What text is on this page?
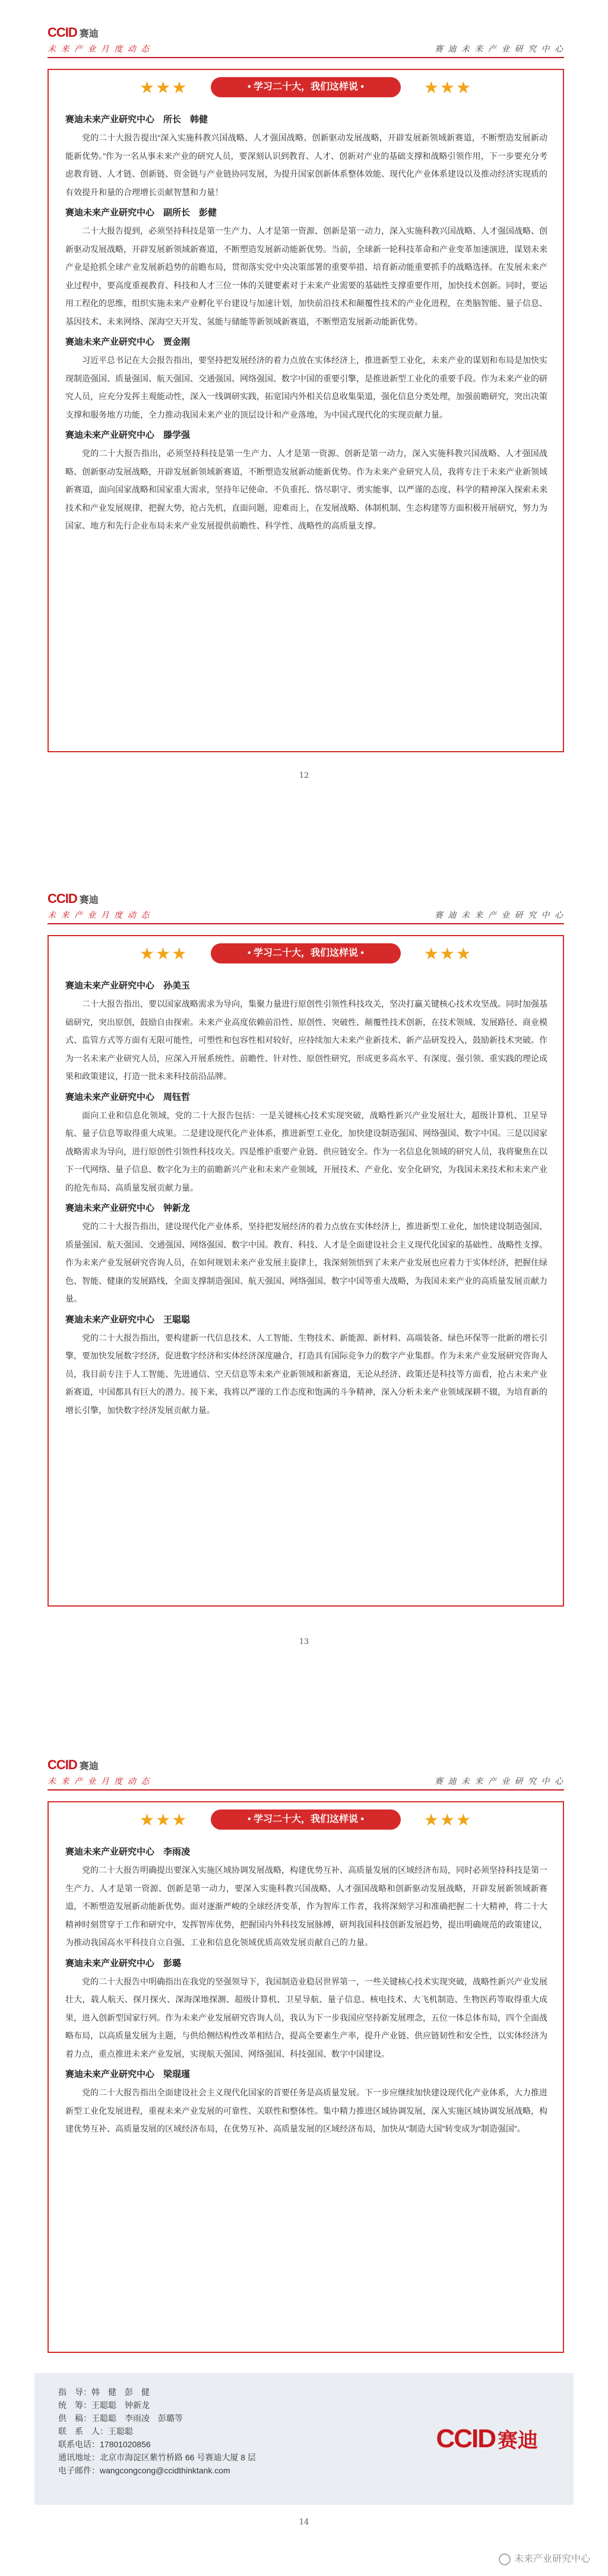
CCID 赛迪
未 来 产 业 月 度 动 态	赛 迪 未 来 产 业 研 究 中 心
★★★	• 学习二十大，我们这样说 •	★★★
赛迪未来产业研究中心　所长　韩健

党的二十大报告提出“深入实施科教兴国战略、人才强国战略、创新驱动发展战略，开辟发展新领域新赛道，不断塑造发展新动能新优势。”作为一名从事未来产业的研究人员，要深刻认识到教育、人才、创新对产业的基础支撑和战略引领作用，下一步要充分考虑教育链、人才链、创新链、资金链与产业链协同发展，为提升国家创新体系整体效能、现代化产业体系建设以及推动经济实现质的有效提升和量的合理增长贡献智慧和力量！

赛迪未来产业研究中心　副所长　彭健

二十大报告提到，必须坚持科技是第一生产力、人才是第一资源、创新是第一动力，深入实施科教兴国战略、人才强国战略、创新驱动发展战略，开辟发展新领域新赛道，不断塑造发展新动能新优势。当前，全球新一轮科技革命和产业变革加速演进，谋划未来产业是抢抓全球产业发展新趋势的前瞻布局，贯彻落实党中央决策部署的重要举措、培育新动能重要抓手的战略选择。在发展未来产业过程中，要高度重视教育、科技和人才三位一体的关键要素对于未来产业需要的基础性支撑重要作用，加快技术创新。同时，要运用工程化的思维，组织实施未来产业孵化平台建设与加速计划，加快前沿技术和颠覆性技术的产业化进程，在类脑智能、量子信息、基因技术、未来网络、深海空天开发、氢能与储能等新领域新赛道，不断塑造发展新动能新优势。

赛迪未来产业研究中心　贾金刚

习近平总书记在大会报告指出，要坚持把发展经济的着力点放在实体经济上，推进新型工业化，未来产业的谋划和布局是加快实现制造强国、质量强国、航天强国、交通强国、网络强国、数字中国的重要引擎，是推进新型工业化的重要手段。作为未来产业的研究人员，应充分发挥主观能动性，深入一线调研实践，拓宽国内外相关信息收集渠道，强化信息分类处理，加强前瞻研究，突出决策支撑和服务地方功能，全力推动我国未来产业的顶层设计和产业落地，为中国式现代化的实现贡献力量。

赛迪未来产业研究中心　滕学强

党的二十大报告指出，必须坚持科技是第一生产力、人才是第一资源、创新是第一动力，深入实施科教兴国战略、人才强国战略、创新驱动发展战略，开辟发展新领域新赛道，不断塑造发展新动能新优势。作为未来产业研究人员，我将专注于未来产业新领域新赛道，面向国家战略和国家重大需求，坚持年记使命、不负重托、恪尽职守、勇实能事，以严谨的态度、科学的精神深入探索未来技术和产业发展规律，把握大势，抢占先机，直面问题，迎难而上，在发展战略、体制机制、生态构建等方面积极开展研究，努力为国家、地方和先行企业布局未来产业发展提供前瞻性、科学性、战略性的高质量支撑。

12
CCID 赛迪
未 来 产 业 月 度 动 态	赛 迪 未 来 产 业 研 究 中 心
★★★	• 学习二十大，我们这样说 •	★★★
赛迪未来产业研究中心　孙美玉

二十大报告指出，要以国家战略需求为导向，集聚力量进行原创性引领性科技攻关，坚决打赢关键核心技术攻坚战。同时加强基础研究，突出原创，鼓励自由探索。未来产业高度依赖前沿性、原创性、突破性、颠覆性技术创新，在技术领域、发展路径、商业模式、监管方式等方面有无限可能性，可塑性和包容性相对较好，应持续加大未来产业新技术、新产品研发投入，鼓励新技术突破。作为一名未来产业研究人员，应深入开展系统性、前瞻性、针对性、原创性研究，形成更多高水平、有深度、强引领、重实践的理论成果和政策建议，打造一批未来科技前沿品牌。

赛迪未来产业研究中心　周钰哲

面向工业和信息化领域，党的二十大报告包括：一是关键核心技术实现突破，战略性新兴产业发展壮大，超级计算机、卫星导航、量子信息等取得重大成果。二是建设现代化产业体系，推进新型工业化，加快建设制造强国、网络强国、数字中国。三是以国家战略需求为导向，进行原创性引领性科技攻关。四是维护重要产业链、供应链安全。作为一名信息化领域的研究人员，我将聚焦在以下一代网络、量子信息、数字化为主的前瞻新兴产业和未来产业领域，开展技术、产业化、安全化研究，为我国未来技术和未来产业的抢先布局、高质量发展贡献力量。

赛迪未来产业研究中心　钟新龙

党的二十大报告指出，建设现代化产业体系，坚持把发展经济的着力点放在实体经济上，推进新型工业化，加快建设制造强国、质量强国、航天强国、交通强国、网络强国、数字中国。教育、科技、人才是全面建设社会主义现代化国家的基础性、战略性支撑。作为未来产业发展研究咨询人员，在如何规划未来产业发展主旋律上，我深刻领悟到了未来产业发展也应着力于实体经济，把握住绿色、智能、健康的发展路线，全面支撑制造强国、航天强国、网络强国、数字中国等重大战略，为我国未来产业的高质量发展贡献力量。

赛迪未来产业研究中心　王聪聪

党的二十大报告指出，要构建新一代信息技术、人工智能、生物技术、新能源、新材料、高端装备、绿色环保等一批新的增长引擎，要加快发展数字经济，促进数字经济和实体经济深度融合，打造具有国际竞争力的数字产业集群。作为未来产业发展研究咨询人员，我目前专注于人工智能、先进通信、空天信息等未来产业新领域和新赛道，无论从经济、政策还是科技等方面看，抢占未来产业新赛道，中国都具有巨大的潜力。接下来，我将以严谨的工作态度和饱满的斗争精神，深入分析未来产业领域深耕不辍，为培育新的增长引擎，加快数字经济发展贡献力量。

13
CCID 赛迪
未 来 产 业 月 度 动 态	赛 迪 未 来 产 业 研 究 中 心
★★★	• 学习二十大，我们这样说 •	★★★
赛迪未来产业研究中心　李雨凌

党的二十大报告明确提出要深入实施区域协调发展战略，构建优势互补、高质量发展的区域经济布局，同时必须坚持科技是第一生产力、人才是第一资源、创新是第一动力，要深入实施科教兴国战略、人才强国战略和创新驱动发展战略，开辟发展新领域新赛道，不断塑造发展新动能新优势。面对逐渐严峻的全球经济变革，作为智库工作者，我将深刻学习和准确把握二十大精神，将二十大精神时刻贯穿于工作和研究中，发挥智库优势，把握国内外科技发展脉搏，研判我国科技创新发展趋势，提出明确规范的政策建议，为推动我国高水平科技自立自强、工业和信息化领域优质高效发展贡献自己的力量。

赛迪未来产业研究中心　彭璐

党的二十大报告中明确指出在我党的坚强领导下，我国制造业稳居世界第一，一些关键核心技术实现突破，战略性新兴产业发展壮大，载人航天、探月探火、深海深地探测、超级计算机、卫星导航、量子信息、核电技术、大飞机制造、生物医药等取得重大成果，进入创新型国家行列。作为未来产业发展研究咨询人员，我认为下一步我国应坚持新发展理念，五位一体总体布局，四个全面战略布局，以高质量发展为主题，与供给侧结构性改革相结合，提高全要素生产率，提升产业链、供应链韧性和安全性，以实体经济为着力点，重点推进未来产业发展，实现航天强国、网络强国、科技强国、数字中国建设。

赛迪未来产业研究中心　梁琨瑾

党的二十大报告指出全面建设社会主义现代化国家的首要任务是高质量发展。下一步应继续加快建设现代化产业体系，大力推进新型工业化发展进程，重视未来产业发展的可靠性、关联性和整体性。集中精力推进区域协调发展，深入实施区域协调发展战略，构建优势互补、高质量发展的区域经济布局，在优势互补、高质量发展的区域经济布局，加快从“制造大国”转变成为“制造强国”。

指　导：韩　健　彭　健
统　筹：王聪聪　钟新龙
供　稿：王聪聪　李雨凌　彭璐等
联　系　人：王聪聪
联系电话：17801020856
通讯地址：北京市海淀区紫竹桥路 66 号赛迪大厦 8 层
电子邮件：wangcongcong@ccidthinktank.com
CCID 赛迪
14
未来产业研究中心
